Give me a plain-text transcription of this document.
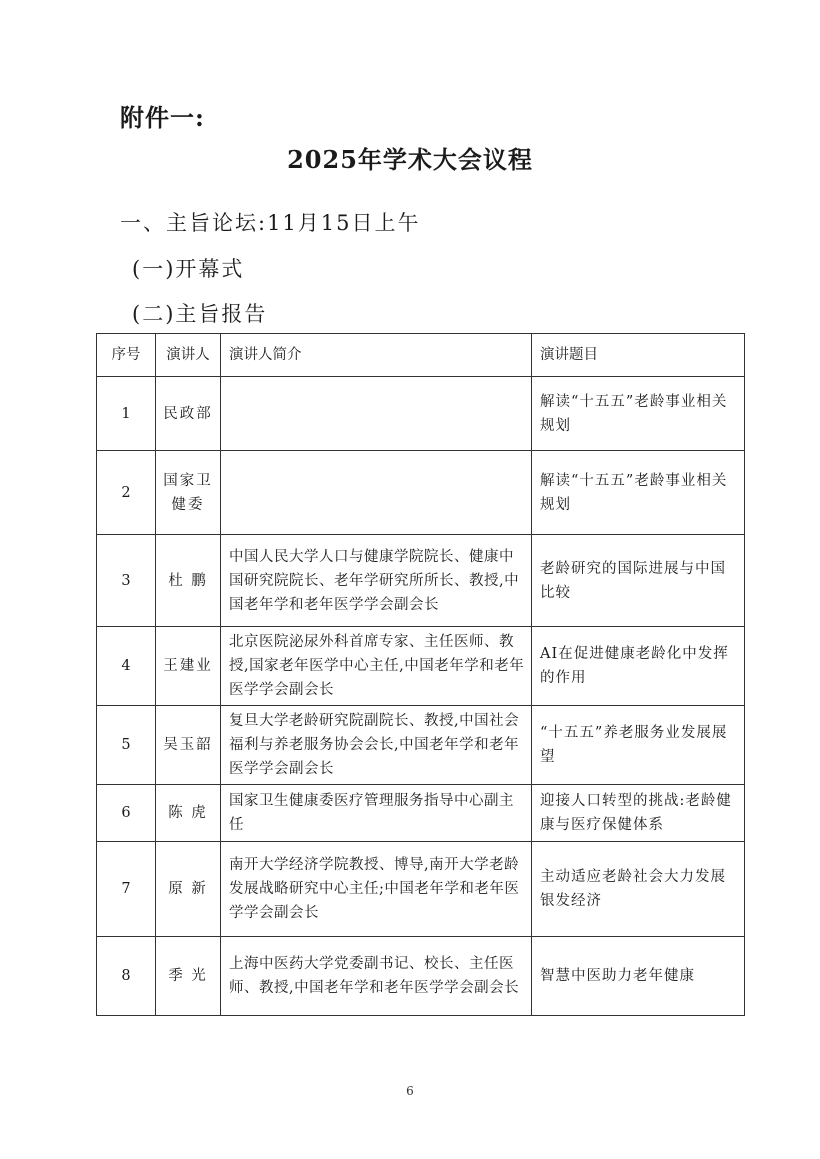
附件一:
2025年学术大会议程
一、主旨论坛:11月15日上午
(一)开幕式
(二)主旨报告
序号	演讲人	演讲人简介	演讲题目
1	民政部		解读“十五五”老龄事业相关规划

2	国家卫健委		解读“十五五”老龄事业相关规划

3	杜 鹏	中国人民大学人口与健康学院院长、健康中国研究院院长、老年学研究所所长、教授,中国老年学和老年医学学会副会长	老龄研究的国际进展与中国比较

4	王建业	北京医院泌尿外科首席专家、主任医师、教授,国家老年医学中心主任,中国老年学和老年医学学会副会长	AI在促进健康老龄化中发挥的作用

5	吴玉韶	复旦大学老龄研究院副院长、教授,中国社会福利与养老服务协会会长,中国老年学和老年医学学会副会长	“十五五”养老服务业发展展望

6	陈 虎	国家卫生健康委医疗管理服务指导中心副主任	迎接人口转型的挑战:老龄健康与医疗保健体系

7	原 新	南开大学经济学院教授、博导,南开大学老龄发展战略研究中心主任;中国老年学和老年医学学会副会长	主动适应老龄社会大力发展银发经济

8	季 光	上海中医药大学党委副书记、校长、主任医师、教授,中国老年学和老年医学学会副会长	智慧中医助力老年健康
6
